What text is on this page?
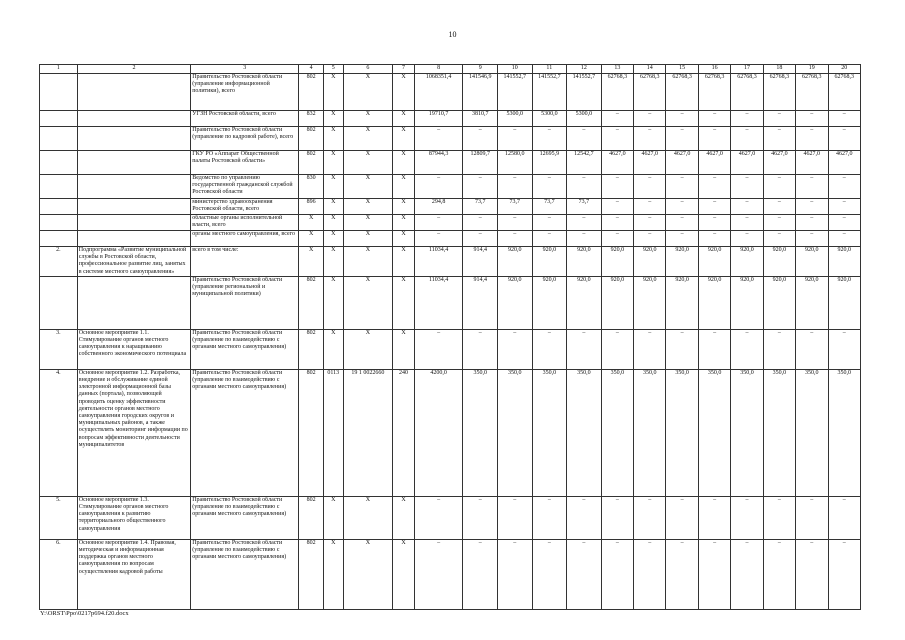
10
1	2	3	4	5	6	7	8	9	10	11	12	13	14	15	16	17	18	19	20
		Правительство Ростовской области (управление информационной политики), всего	802	X	X	X	1068351,4	141546,9	141552,7	141552,7	141552,7	62768,3	62768,3	62768,3	62768,3	62768,3	62768,3	62768,3	62768,3
		УГЗН Ростовской области, всего	832	X	X	X	19710,7	3810,7	5300,0	5300,0	5300,0	–	–	–	–	–	–	–	–
		Правительство Ростовской области (управление по кадровой работе), всего	802	X	X	X	–	–	–	–	–	–	–	–	–	–	–	–	–
		ГКУ РО «Аппарат Общественной палаты Ростовской области»	802	X	X	X	87944,3	12809,7	12580,0	12695,9	12542,7	4627,0	4627,0	4627,0	4627,0	4627,0	4627,0	4627,0	4627,0
		Ведомство по управлению государственной гражданской службой Ростовской области	830	X	X	X	–	–	–	–	–	–	–	–	–	–	–	–	–
		министерство здравоохранения Ростовской области, всего	896	X	X	X	294,8	73,7	73,7	73,7	73,7	–	–	–	–	–	–	–	–
		областные органы исполнительной власти, всего	X	X	X	X	–	–	–	–	–	–	–	–	–	–	–	–	–
		органы местного самоуправления, всего	X	X	X	X	–	–	–	–	–	–	–	–	–	–	–	–	–
2.	Подпрограмма «Развитие муниципальной службы в Ростовской области, профессиональное развитие лиц, занятых в системе местного самоуправления»	всего в том числе:	X	X	X	X	11034,4	914,4	920,0	920,0	920,0	920,0	920,0	920,0	920,0	920,0	920,0	920,0	920,0
		Правительство Ростовской области (управление региональной и муниципальной политики)	802	X	X	X	11034,4	914,4	920,0	920,0	920,0	920,0	920,0	920,0	920,0	920,0	920,0	920,0	920,0
3.	Основное мероприятие 1.1. Стимулирование органов местного самоуправления к наращиванию собственного экономического потенциала	Правительство Ростовской области (управление по взаимодействию с органами местного самоуправления)	802	X	X	X	–	–	–	–	–	–	–	–	–	–	–	–	–
4.	Основное мероприятие 1.2. Разработка, внедрение и обслуживание единой электронной информационной базы данных (портала), позволяющей проводить оценку эффективности деятельности органов местного самоуправления городских округов и муниципальных районов, а также осуществлять мониторинг информации по вопросам эффективности деятельности муниципалитетов	Правительство Ростовской области (управление по взаимодействию с органами местного самоуправления)	802	0113	19 1 0022660	240	4200,0	350,0	350,0	350,0	350,0	350,0	350,0	350,0	350,0	350,0	350,0	350,0	350,0
5.	Основное мероприятие 1.3. Стимулирование органов местного самоуправления к развитию территориального общественного самоуправления	Правительство Ростовской области (управление по взаимодействию с органами местного самоуправления)	802	X	X	X	–	–	–	–	–	–	–	–	–	–	–	–	–
6.	Основное мероприятие 1.4. Правовая, методическая и информационная поддержка органов местного самоуправления по вопросам осуществления кадровой работы	Правительство Ростовской области (управление по взаимодействию с органами местного самоуправления)	802	X	X	X	–	–	–	–	–	–	–	–	–	–	–	–	–
Y:\ORST\Ppo\0217p694.f20.docx
